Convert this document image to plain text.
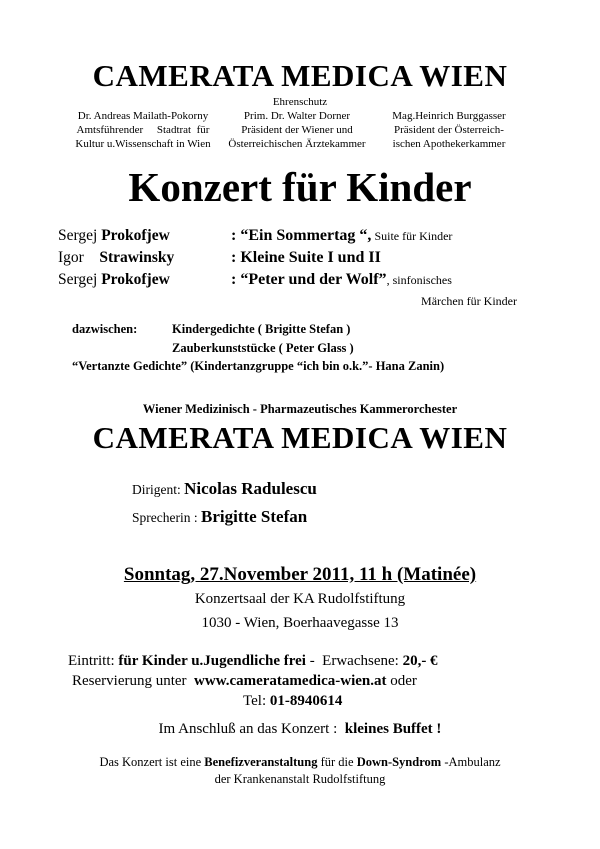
CAMERATA MEDICA WIEN
Ehrenschutz
Dr. Andreas Mailath-Pokorny
Amtsführender     Stadtrat  für
Kultur u.Wissenschaft in Wien
Prim. Dr. Walter Dorner
Präsident der Wiener und
Österreichischen Ärztekammer
Mag.Heinrich Burggasser
Präsident der Österreich-
ischen Apothekerkammer
Konzert für Kinder
Sergej Prokofjew	: “Ein Sommertag “, Suite für Kinder
Igor    Strawinsky	: Kleine Suite I und II
Sergej Prokofjew	: “Peter und der Wolf”, sinfonisches
Märchen für Kinder
dazwischen:	Kindergedichte ( Brigitte Stefan )
Zauberkunststücke ( Peter Glass )
“Vertanzte Gedichte” (Kindertanzgruppe “ich bin o.k.”- Hana Zanin)
Wiener Medizinisch - Pharmazeutisches Kammerorchester
CAMERATA MEDICA WIEN
Dirigent: Nicolas Radulescu
Sprecherin : Brigitte Stefan
Sonntag, 27.November 2011, 11 h (Matinée)
Konzertsaal der KA Rudolfstiftung
1030 - Wien, Boerhaavegasse 13
Eintritt: für Kinder u.Jugendliche frei -  Erwachsene: 20,- €
Reservierung unter  www.cameratamedica-wien.at oder
Tel: 01-8940614
Im Anschluß an das Konzert :  kleines Buffet !
Das Konzert ist eine Benefizveranstaltung für die Down-Syndrom -Ambulanz
der Krankenanstalt Rudolfstiftung
